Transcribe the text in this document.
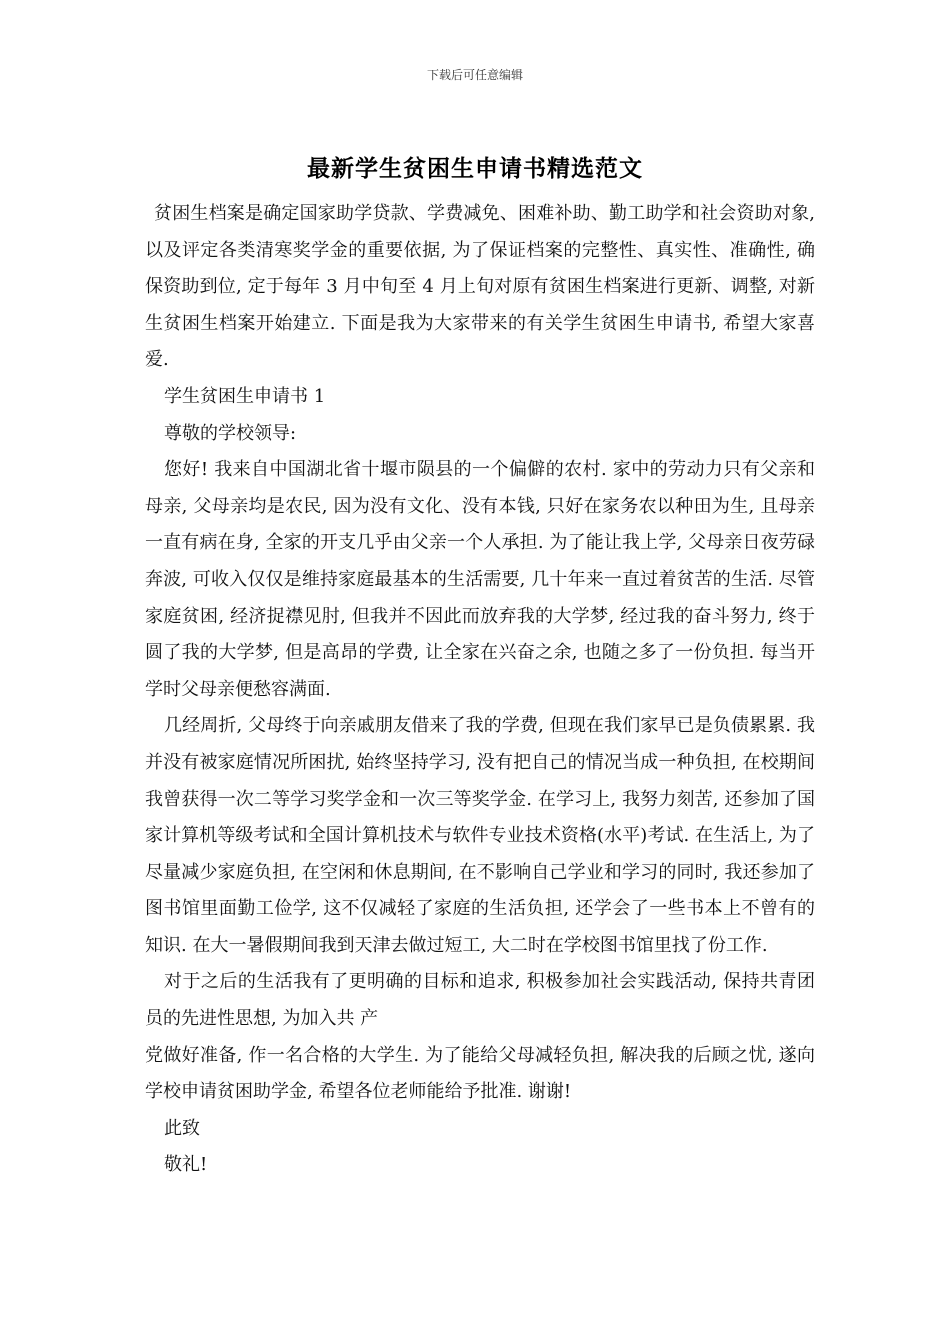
下载后可任意编辑
最新学生贫困生申请书精选范文

贫困生档案是确定国家助学贷款、学费减免、困难补助、勤工助学和社会资助对象, 以及评定各类清寒奖学金的重要依据, 为了保证档案的完整性、真实性、准确性, 确保资助到位, 定于每年 3 月中旬至 4 月上旬对原有贫困生档案进行更新、调整, 对新生贫困生档案开始建立. 下面是我为大家带来的有关学生贫困生申请书, 希望大家喜爱.

学生贫困生申请书 1

尊敬的学校领导:

您好! 我来自中国湖北省十堰市陨县的一个偏僻的农村. 家中的劳动力只有父亲和母亲, 父母亲均是农民, 因为没有文化、没有本钱, 只好在家务农以种田为生, 且母亲一直有病在身, 全家的开支几乎由父亲一个人承担. 为了能让我上学, 父母亲日夜劳碌奔波, 可收入仅仅是维持家庭最基本的生活需要, 几十年来一直过着贫苦的生活. 尽管家庭贫困, 经济捉襟见肘, 但我并不因此而放弃我的大学梦, 经过我的奋斗努力, 终于圆了我的大学梦, 但是高昂的学费, 让全家在兴奋之余, 也随之多了一份负担. 每当开学时父母亲便愁容满面.

几经周折, 父母终于向亲戚朋友借来了我的学费, 但现在我们家早已是负债累累. 我并没有被家庭情况所困扰, 始终坚持学习, 没有把自己的情况当成一种负担, 在校期间我曾获得一次二等学习奖学金和一次三等奖学金. 在学习上, 我努力刻苦, 还参加了国家计算机等级考试和全国计算机技术与软件专业技术资格(水平)考试. 在生活上, 为了尽量减少家庭负担, 在空闲和休息期间, 在不影响自己学业和学习的同时, 我还参加了图书馆里面勤工俭学, 这不仅减轻了家庭的生活负担, 还学会了一些书本上不曾有的知识. 在大一暑假期间我到天津去做过短工, 大二时在学校图书馆里找了份工作.

对于之后的生活我有了更明确的目标和追求, 积极参加社会实践活动, 保持共青团员的先进性思想, 为加入共 产

党做好准备, 作一名合格的大学生. 为了能给父母减轻负担, 解决我的后顾之忧, 遂向学校申请贫困助学金, 希望各位老师能给予批准. 谢谢!

此致

敬礼!
